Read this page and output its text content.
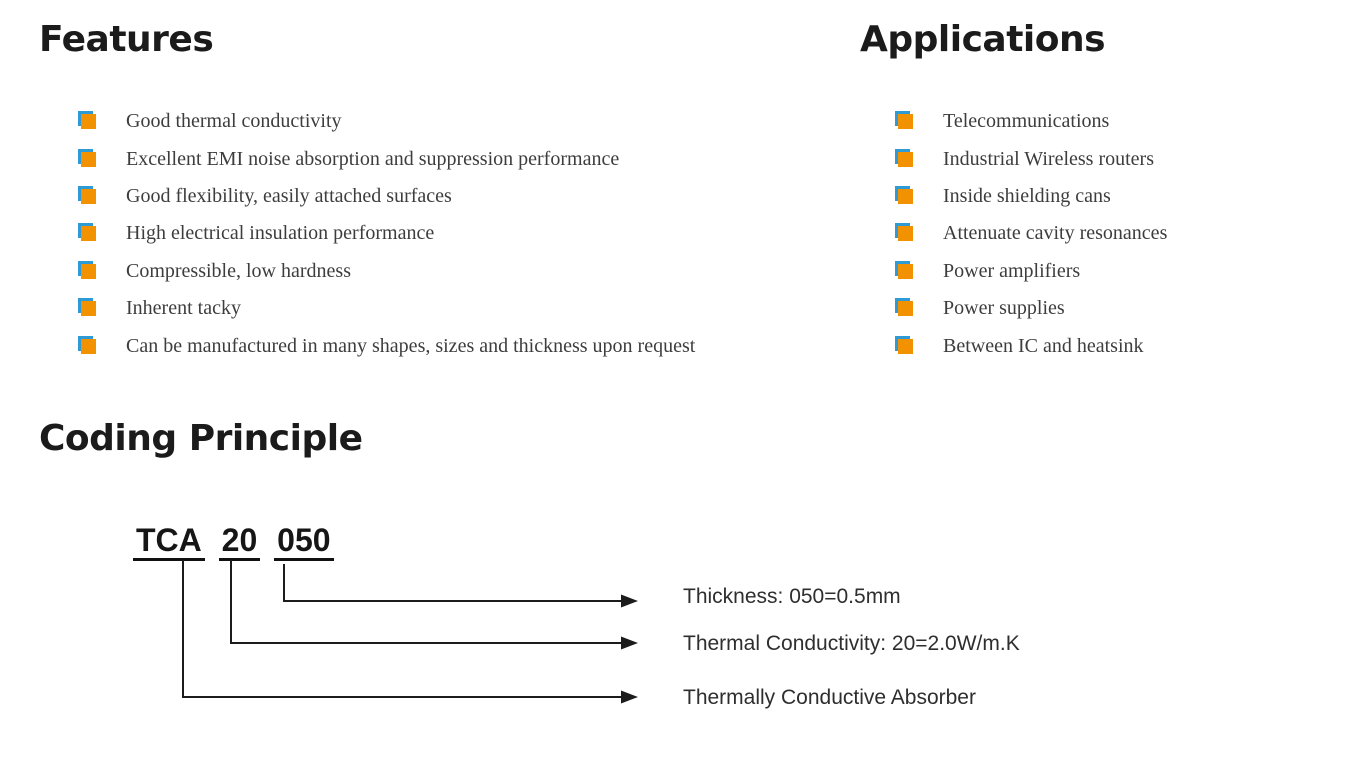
Features
Good thermal conductivity
Excellent EMI noise absorption and suppression performance
Good flexibility, easily attached surfaces
High electrical insulation performance
Compressible, low hardness
Inherent tacky
Can be manufactured in many shapes, sizes and thickness upon request
Applications
Telecommunications
Industrial Wireless routers
Inside shielding cans
Attenuate cavity resonances
Power amplifiers
Power supplies
Between IC and heatsink
Coding Principle
TCA 20 050
Thickness: 050=0.5mm
Thermal Conductivity: 20=2.0W/m.K
Thermally Conductive Absorber
